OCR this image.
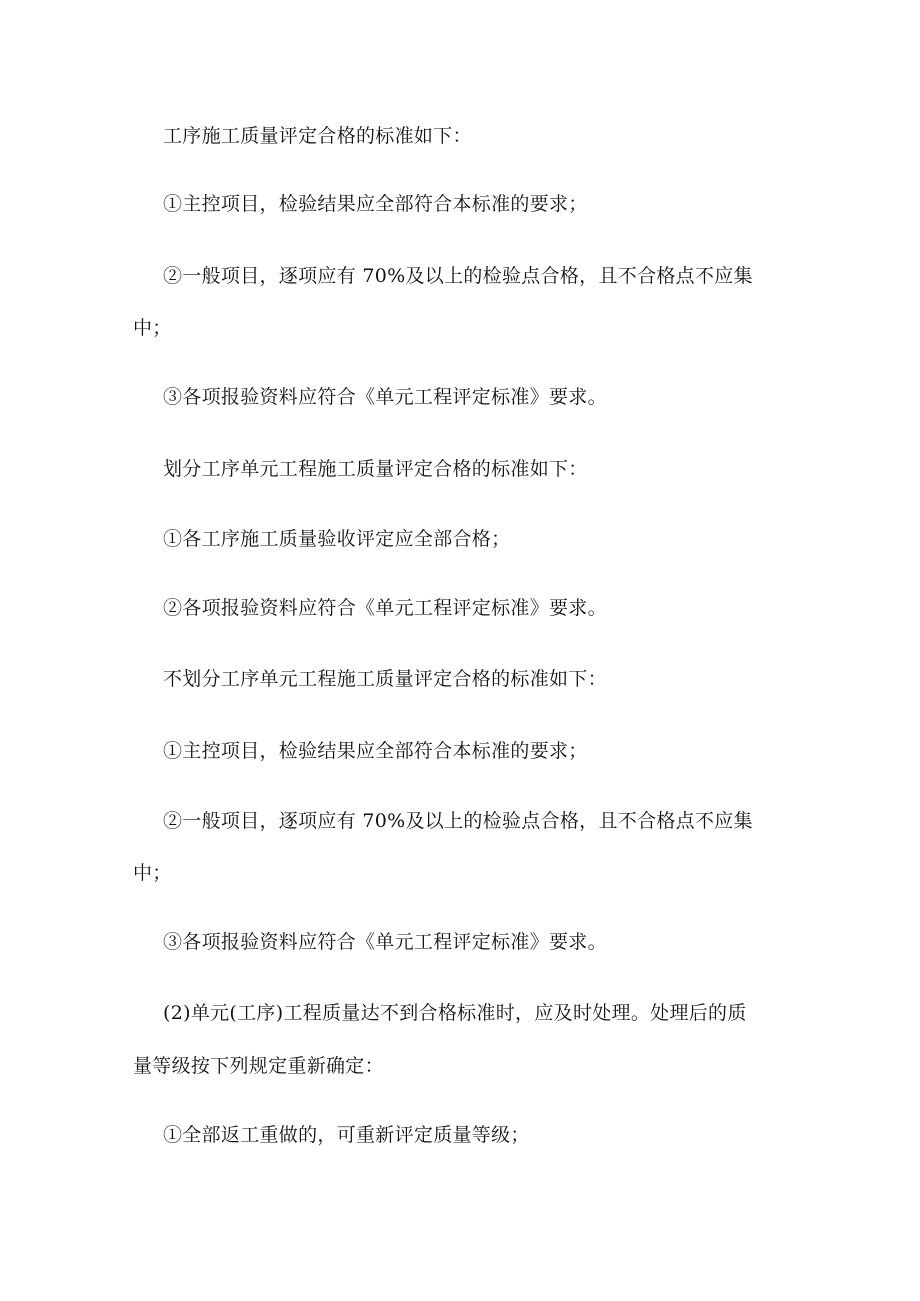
工序施工质量评定合格的标准如下：

①主控项目，检验结果应全部符合本标准的要求；

②一般项目，逐项应有 70%及以上的检验点合格，且不合格点不应集

中；

③各项报验资料应符合《单元工程评定标准》要求。

划分工序单元工程施工质量评定合格的标准如下：

①各工序施工质量验收评定应全部合格；

②各项报验资料应符合《单元工程评定标准》要求。

不划分工序单元工程施工质量评定合格的标准如下：

①主控项目，检验结果应全部符合本标准的要求；

②一般项目，逐项应有 70%及以上的检验点合格，且不合格点不应集

中；

③各项报验资料应符合《单元工程评定标准》要求。

(2)单元(工序)工程质量达不到合格标准时，应及时处理。处理后的质

量等级按下列规定重新确定：

①全部返工重做的，可重新评定质量等级；
